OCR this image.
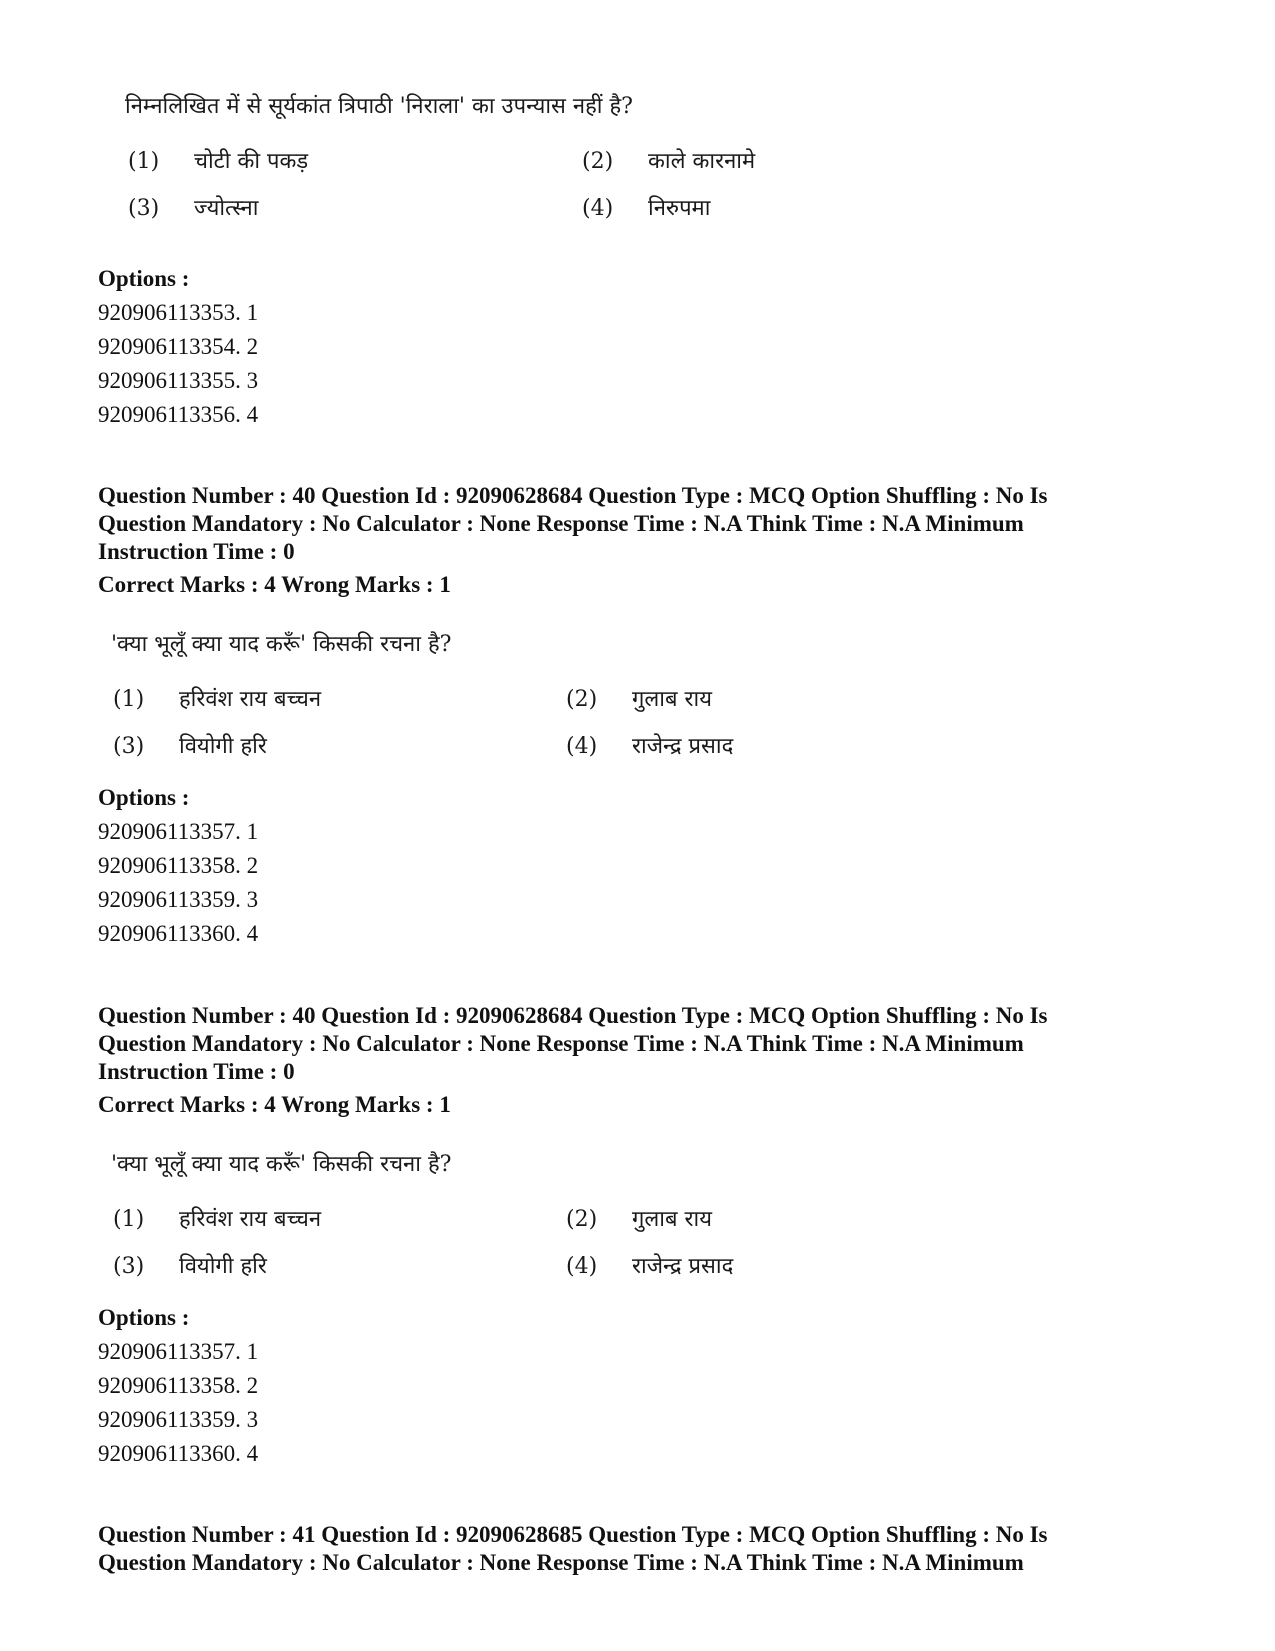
निम्नलिखित में से सूर्यकांत त्रिपाठी 'निराला' का उपन्यास नहीं है?
(1) चोटी की पकड़	(2) काले कारनामे
(3) ज्योत्स्ना	(4) निरुपमा
Options :
920906113353. 1
920906113354. 2
920906113355. 3
920906113356. 4
Question Number : 40 Question Id : 92090628684 Question Type : MCQ Option Shuffling : No Is
Question Mandatory : No Calculator : None Response Time : N.A Think Time : N.A Minimum
Instruction Time : 0
Correct Marks : 4 Wrong Marks : 1
'क्या भूलूँ क्या याद करूँ' किसकी रचना है?
(1) हरिवंश राय बच्चन	(2) गुलाब राय
(3) वियोगी हरि	(4) राजेन्द्र प्रसाद
Options :
920906113357. 1
920906113358. 2
920906113359. 3
920906113360. 4
Question Number : 40 Question Id : 92090628684 Question Type : MCQ Option Shuffling : No Is
Question Mandatory : No Calculator : None Response Time : N.A Think Time : N.A Minimum
Instruction Time : 0
Correct Marks : 4 Wrong Marks : 1
'क्या भूलूँ क्या याद करूँ' किसकी रचना है?
(1) हरिवंश राय बच्चन	(2) गुलाब राय
(3) वियोगी हरि	(4) राजेन्द्र प्रसाद
Options :
920906113357. 1
920906113358. 2
920906113359. 3
920906113360. 4
Question Number : 41 Question Id : 92090628685 Question Type : MCQ Option Shuffling : No Is
Question Mandatory : No Calculator : None Response Time : N.A Think Time : N.A Minimum
